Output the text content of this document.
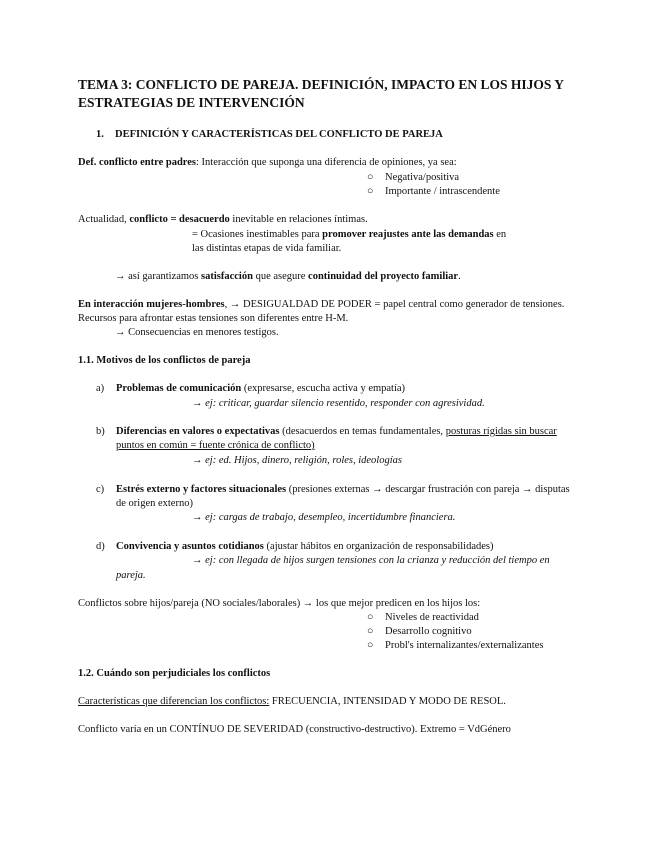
TEMA 3: CONFLICTO DE PAREJA. DEFINICIÓN, IMPACTO EN LOS HIJOS Y
ESTRATEGIAS DE INTERVENCIÓN
1. DEFINICIÓN Y CARACTERÍSTICAS DEL CONFLICTO DE PAREJA
Def. conflicto entre padres: Interacción que suponga una diferencia de opiniones, ya sea:
○ Negativa/positiva
○ Importante / intrascendente
Actualidad, conflicto = desacuerdo inevitable en relaciones íntimas.
= Ocasiones inestimables para promover reajustes ante las demandas en
las distintas etapas de vida familiar.
→ así garantizamos satisfacción que asegure continuidad del proyecto familiar.
En interacción mujeres-hombres, → DESIGUALDAD DE PODER = papel central como generador de tensiones.
Recursos para afrontar estas tensiones son diferentes entre H-M.
→ Consecuencias en menores testigos.
1.1. Motivos de los conflictos de pareja
a) Problemas de comunicación (expresarse, escucha activa y empatía)
→ ej: criticar, guardar silencio resentido, responder con agresividad.
b) Diferencias en valores o expectativas (desacuerdos en temas fundamentales, posturas rígidas sin buscar
puntos en común = fuente crónica de conflicto)
→ ej: ed. Hijos, dinero, religión, roles, ideologías
c) Estrés externo y factores situacionales (presiones externas → descargar frustración con pareja → disputas
de origen externo)
→ ej: cargas de trabajo, desempleo, incertidumbre financiera.
d) Convivencia y asuntos cotidianos (ajustar hábitos en organización de responsabilidades)
→ ej: con llegada de hijos surgen tensiones con la crianza y reducción del tiempo en
pareja.
Conflictos sobre hijos/pareja (NO sociales/laborales) → los que mejor predicen en los hijos los:
○ Niveles de reactividad
○ Desarrollo cognitivo
○ Probl's internalizantes/externalizantes
1.2. Cuándo son perjudiciales los conflictos
Características que diferencian los conflictos: FRECUENCIA, INTENSIDAD Y MODO DE RESOL.
Conflicto varía en un CONTÍNUO DE SEVERIDAD (constructivo-destructivo). Extremo = VdGénero
